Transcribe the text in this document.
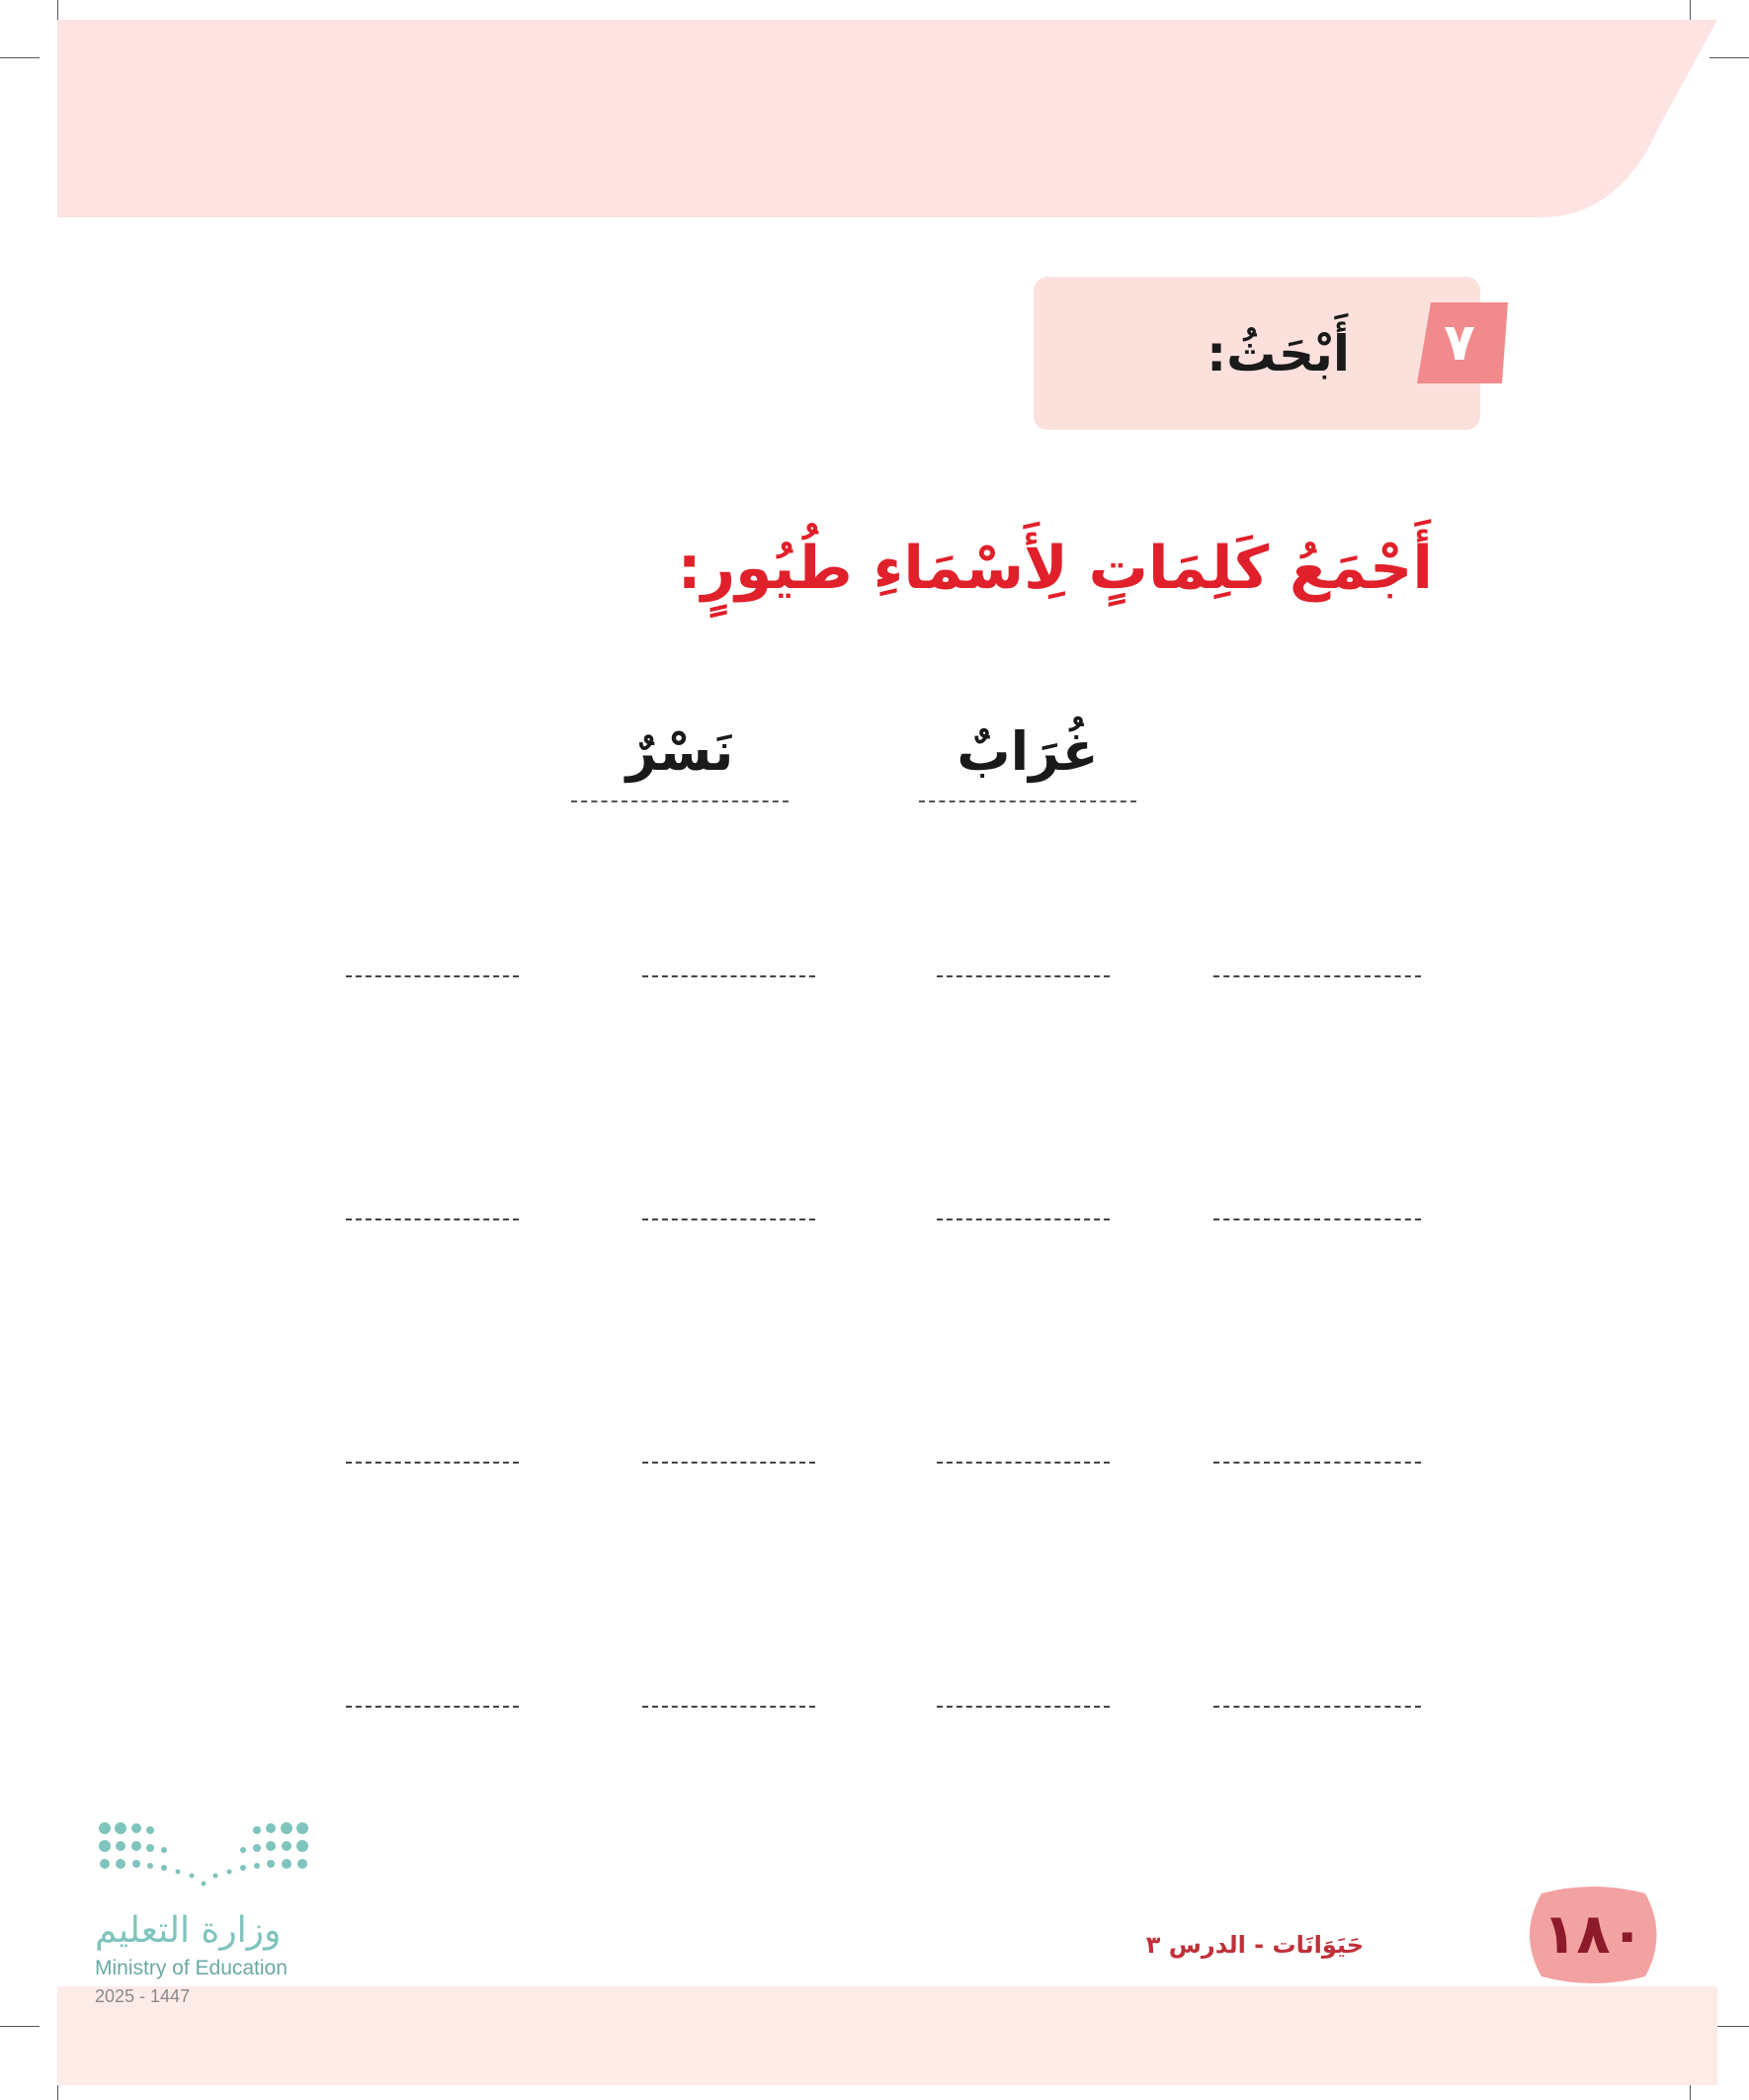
٧
أَبْحَثُ:
أَجْمَعُ كَلِمَاتٍ لِأَسْمَاءِ طُيُورٍ:
غُرَابٌ
نَسْرٌ
١٨٠
حَيَوَانَات - الدرس ٣
وزارة التعليم
Ministry of Education
2025 - 1447
